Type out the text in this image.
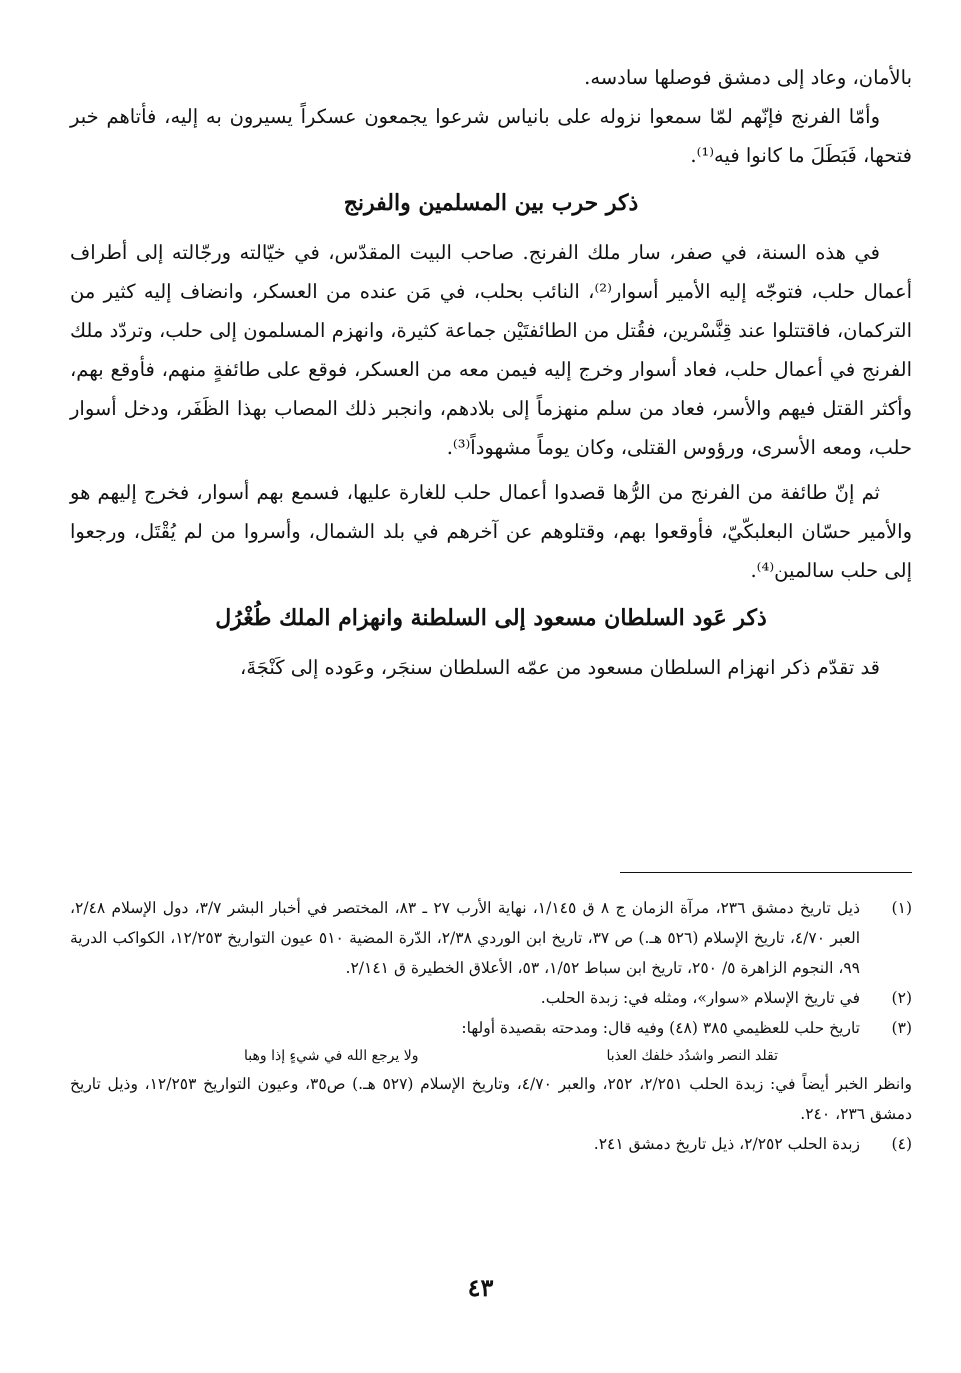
بالأمان، وعاد إلى دمشق فوصلها سادسه.

وأمّا الفرنج فإنّهم لمّا سمعوا نزوله على بانياس شرعوا يجمعون عسكراً يسيرون به إليه، فأتاهم خبر فتحها، فَبَطَلَ ما كانوا فيه⁽¹⁾.

ذكر حرب بين المسلمين والفرنج

في هذه السنة، في صفر، سار ملك الفرنج. صاحب البيت المقدّس، في خيّالته ورجّالته إلى أطراف أعمال حلب، فتوجّه إليه الأمير أسوار⁽²⁾، النائب بحلب، في مَن عنده من العسكر، وانضاف إليه كثير من التركمان، فاقتتلوا عند قِنَّسْرين، فقُتل من الطائفتَيْن جماعة كثيرة، وانهزم المسلمون إلى حلب، وتردّد ملك الفرنج في أعمال حلب، فعاد أسوار وخرج إليه فيمن معه من العسكر، فوقع على طائفةٍ منهم، فأوقع بهم، وأكثر القتل فيهم والأسر، فعاد من سلم منهزماً إلى بلادهم، وانجبر ذلك المصاب بهذا الظَفَر، ودخل أسوار حلب، ومعه الأسرى، ورؤوس القتلى، وكان يوماً مشهوداً⁽³⁾.

ثم إنّ طائفة من الفرنج من الرُّها قصدوا أعمال حلب للغارة عليها، فسمع بهم أسوار، فخرج إليهم هو والأمير حسّان البعلبكّيّ، فأوقعوا بهم، وقتلوهم عن آخرهم في بلد الشمال، وأسروا من لم يُقْتَل، ورجعوا إلى حلب سالمين⁽⁴⁾.

ذكر عَود السلطان مسعود إلى السلطنة وانهزام الملك طُغْرُل

قد تقدّم ذكر انهزام السلطان مسعود من عمّه السلطان سنجَر، وعَوده إلى كَنْجَةَ،

(١)
ذيل تاريخ دمشق ٢٣٦، مرآة الزمان ج ٨ ق ١/١٤٥، نهاية الأرب ٢٧ ـ ٨٣، المختصر في أخبار البشر ٣/٧، دول الإسلام ٢/٤٨، العبر ٤/٧٠، تاريخ الإسلام (٥٢٦ هـ.) ص ٣٧، تاريخ ابن الوردي ٢/٣٨، الدّرة المضية ٥١٠ عيون التواريخ ١٢/٢٥٣، الكواكب الدرية ٩٩، النجوم الزاهرة ٥/ ٢٥٠، تاريخ ابن سباط ١/٥٢، ٥٣، الأعلاق الخطيرة ق ٢/١٤١.
(٢)
في تاريخ الإسلام «سوار»، ومثله في: زبدة الحلب.
(٣)
تاريخ حلب للعظيمي ٣٨٥ (٤٨) وفيه قال: ومدحته بقصيدة أولها:
تقلد النصر واشدُد خلفك العذبا
ولا يرجع الله في شيءٍ إذا وهبا
وانظر الخبر أيضاً في: زبدة الحلب ٢/٢٥١، ٢٥٢، والعبر ٤/٧٠، وتاريخ الإسلام (٥٢٧ هـ.) ص٣٥، وعيون التواريخ ١٢/٢٥٣، وذيل تاريخ دمشق ٢٣٦، ٢٤٠.
(٤)
زبدة الحلب ٢/٢٥٢، ذيل تاريخ دمشق ٢٤١.
٤٣
